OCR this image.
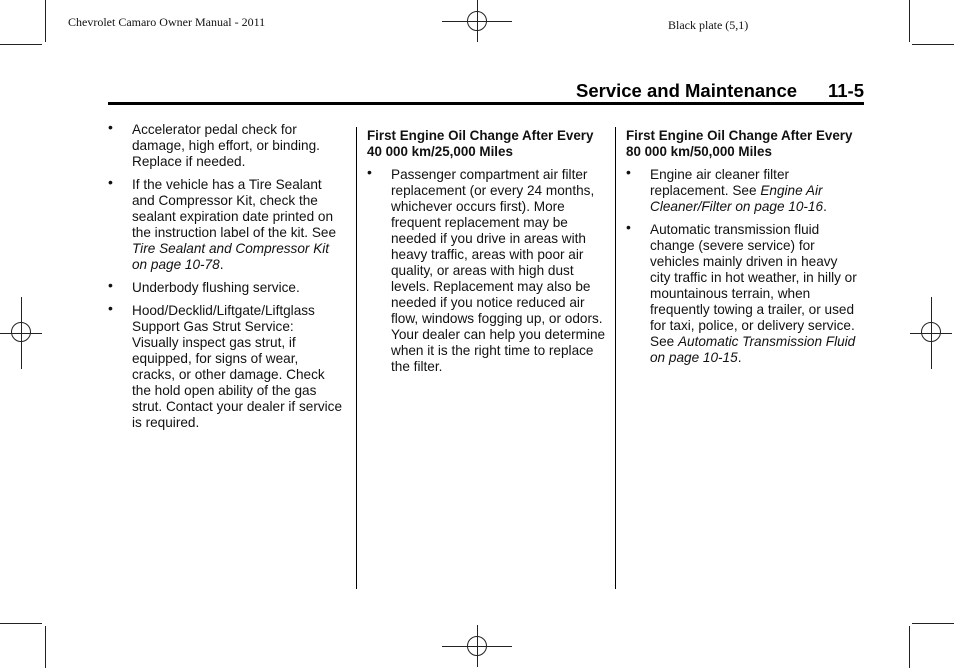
Chevrolet Camaro Owner Manual - 2011	Black plate (5,1)
Service and Maintenance 11-5
• Accelerator pedal check for damage, high effort, or binding. Replace if needed.

• If the vehicle has a Tire Sealant and Compressor Kit, check the sealant expiration date printed on the instruction label of the kit. See Tire Sealant and Compressor Kit on page 10-78.

• Underbody flushing service.

• Hood/Decklid/Liftgate/Liftglass Support Gas Strut Service: Visually inspect gas strut, if equipped, for signs of wear, cracks, or other damage. Check the hold open ability of the gas strut. Contact your dealer if service is required.

First Engine Oil Change After Every 40 000 km/25,000 Miles
• Passenger compartment air filter replacement (or every 24 months, whichever occurs first). More frequent replacement may be needed if you drive in areas with heavy traffic, areas with poor air quality, or areas with high dust levels. Replacement may also be needed if you notice reduced air flow, windows fogging up, or odors. Your dealer can help you determine when it is the right time to replace the filter.

First Engine Oil Change After Every 80 000 km/50,000 Miles
• Engine air cleaner filter replacement. See Engine Air Cleaner/Filter on page 10-16.

• Automatic transmission fluid change (severe service) for vehicles mainly driven in heavy city traffic in hot weather, in hilly or mountainous terrain, when frequently towing a trailer, or used for taxi, police, or delivery service. See Automatic Transmission Fluid on page 10-15.
